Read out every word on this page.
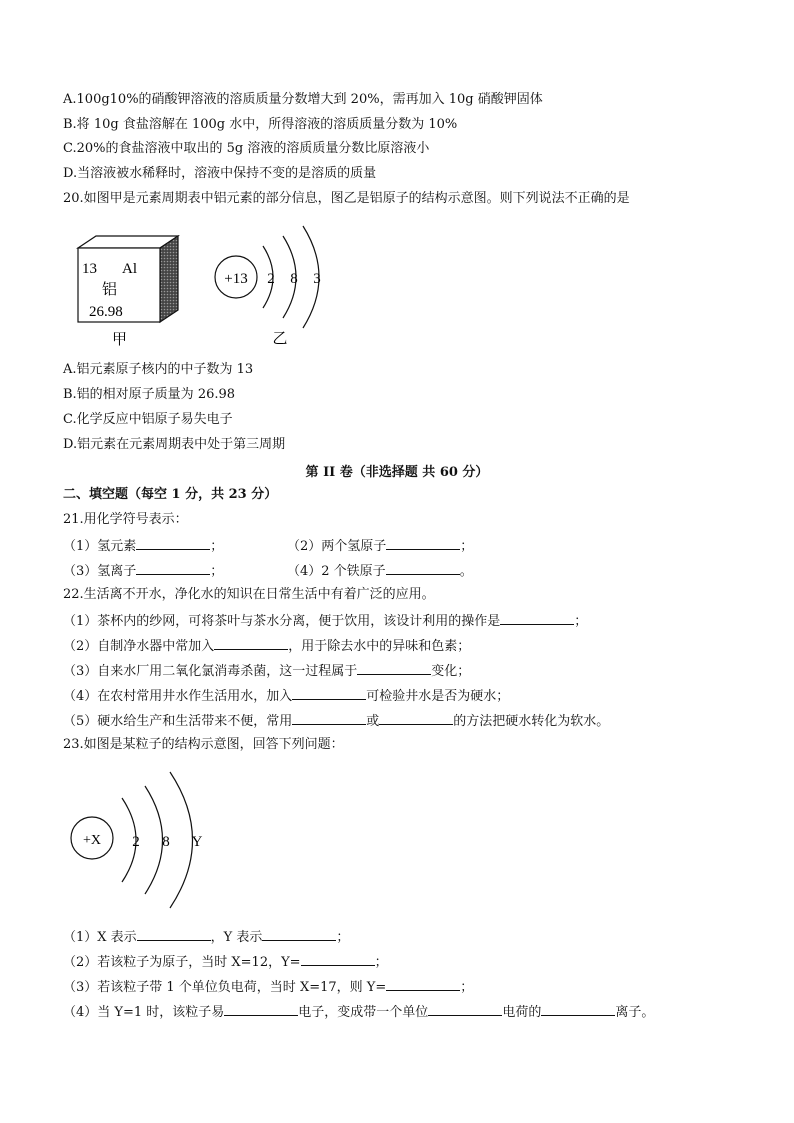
A.100g10%的硝酸钾溶液的溶质质量分数增大到 20%，需再加入 10g 硝酸钾固体
B.将 10g 食盐溶解在 100g 水中，所得溶液的溶质质量分数为 10%
C.20%的食盐溶液中取出的 5g 溶液的溶质质量分数比原溶液小
D.当溶液被水稀释时，溶液中保持不变的是溶质的质量
20.如图甲是元素周期表中铝元素的部分信息，图乙是铝原子的结构示意图。则下列说法不正确的是
13 Al
铝
26.98
甲
+13 2 8 3
乙
A.铝元素原子核内的中子数为 13
B.铝的相对原子质量为 26.98
C.化学反应中铝原子易失电子
D.铝元素在元素周期表中处于第三周期
第 II 卷（非选择题 共 60 分）
二、填空题（每空 1 分，共 23 分）
21.用化学符号表示：
（1）氢元素	；	（2）两个氢原子	；
（3）氢离子	；	（4）2 个铁原子	。
22.生活离不开水，净化水的知识在日常生活中有着广泛的应用。
（1）茶杯内的纱网，可将茶叶与茶水分离，便于饮用，该设计利用的操作是	；
（2）自制净水器中常加入	，用于除去水中的异味和色素；
（3）自来水厂用二氧化氯消毒杀菌，这一过程属于	变化；
（4）在农村常用井水作生活用水，加入	可检验井水是否为硬水；
（5）硬水给生产和生活带来不便，常用	或	的方法把硬水转化为软水。
23.如图是某粒子的结构示意图，回答下列问题：
+X 2 8 Y
（1）X 表示	，Y 表示	；
（2）若该粒子为原子，当时 X=12，Y=	；
（3）若该粒子带 1 个单位负电荷，当时 X=17，则 Y=	；
（4）当 Y=1 时，该粒子易	电子，变成带一个单位	电荷的	离子。
